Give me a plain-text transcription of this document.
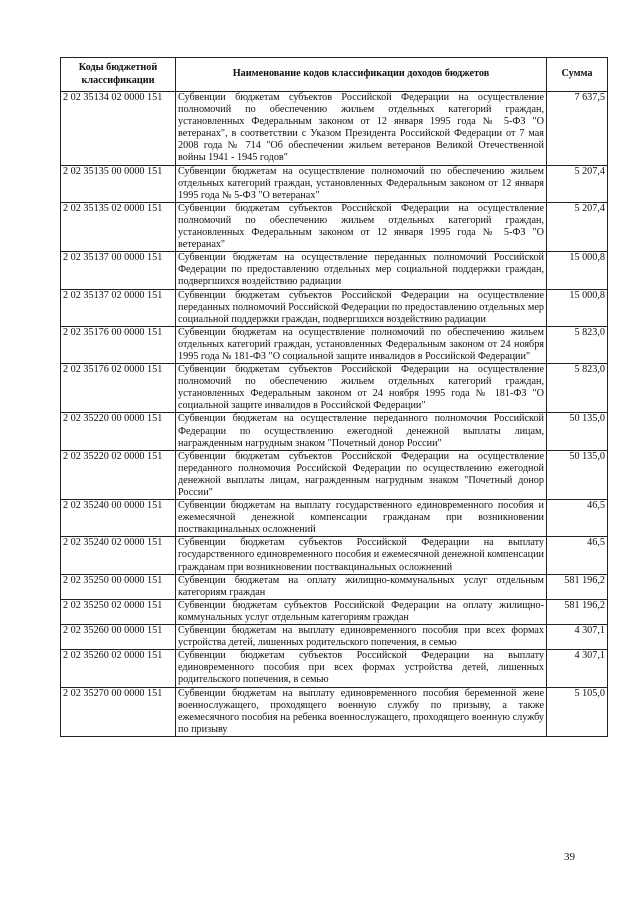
Коды бюджетной классификации	Наименование кодов классификации доходов бюджетов	Сумма
2 02 35134 02 0000 151	Субвенции бюджетам субъектов Российской Федерации на осуществление полномочий по обеспечению жильем отдельных категорий граждан, установленных Федеральным законом от 12 января 1995 года № 5-ФЗ "О ветеранах", в соответствии с Указом Президента Российской Федерации от 7 мая 2008 года № 714 "Об обеспечении жильем ветеранов Великой Отечественной войны 1941 - 1945 годов"	7 637,5
2 02 35135 00 0000 151	Субвенции бюджетам на осуществление полномочий по обеспечению жильем отдельных категорий граждан, установленных Федеральным законом от 12 января 1995 года № 5-ФЗ "О ветеранах"	5 207,4
2 02 35135 02 0000 151	Субвенции бюджетам субъектов Российской Федерации на осуществление полномочий по обеспечению жильем отдельных категорий граждан, установленных Федеральным законом от 12 января 1995 года № 5-ФЗ "О ветеранах"	5 207,4
2 02 35137 00 0000 151	Субвенции бюджетам на осуществление переданных полномочий Российской Федерации по предоставлению отдельных мер социальной поддержки граждан, подвергшихся воздействию радиации	15 000,8
2 02 35137 02 0000 151	Субвенции бюджетам субъектов Российской Федерации на осуществление переданных полномочий Российской Федерации по предоставлению отдельных мер социальной поддержки граждан, подвергшихся воздействию радиации	15 000,8
2 02 35176 00 0000 151	Субвенции бюджетам на осуществление полномочий по обеспечению жильем отдельных категорий граждан, установленных Федеральным законом от 24 ноября 1995 года № 181-ФЗ "О социальной защите инвалидов в Российской Федерации"	5 823,0
2 02 35176 02 0000 151	Субвенции бюджетам субъектов Российской Федерации на осуществление полномочий по обеспечению жильем отдельных категорий граждан, установленных Федеральным законом от 24 ноября 1995 года № 181-ФЗ "О социальной защите инвалидов в Российской Федерации"	5 823,0
2 02 35220 00 0000 151	Субвенции бюджетам на осуществление переданного полномочия Российской Федерации по осуществлению ежегодной денежной выплаты лицам, награжденным нагрудным знаком "Почетный донор России"	50 135,0
2 02 35220 02 0000 151	Субвенции бюджетам субъектов Российской Федерации на осуществление переданного полномочия Российской Федерации по осуществлению ежегодной денежной выплаты лицам, награжденным нагрудным знаком "Почетный донор России"	50 135,0
2 02 35240 00 0000 151	Субвенции бюджетам на выплату государственного единовременного пособия и ежемесячной денежной компенсации гражданам при возникновении поствакцинальных осложнений	46,5
2 02 35240 02 0000 151	Субвенции бюджетам субъектов Российской Федерации на выплату государственного единовременного пособия и ежемесячной денежной компенсации гражданам при возникновении поствакцинальных осложнений	46,5
2 02 35250 00 0000 151	Субвенции бюджетам на оплату жилищно-коммунальных услуг отдельным категориям граждан	581 196,2
2 02 35250 02 0000 151	Субвенции бюджетам субъектов Российской Федерации на оплату жилищно-коммунальных услуг отдельным категориям граждан	581 196,2
2 02 35260 00 0000 151	Субвенции бюджетам на выплату единовременного пособия при всех формах устройства детей, лишенных родительского попечения, в семью	4 307,1
2 02 35260 02 0000 151	Субвенции бюджетам субъектов Российской Федерации на выплату единовременного пособия при всех формах устройства детей, лишенных родительского попечения, в семью	4 307,1
2 02 35270 00 0000 151	Субвенции бюджетам на выплату единовременного пособия беременной жене военнослужащего, проходящего военную службу по призыву, а также ежемесячного пособия на ребенка военнослужащего, проходящего военную службу по призыву	5 105,0
39
